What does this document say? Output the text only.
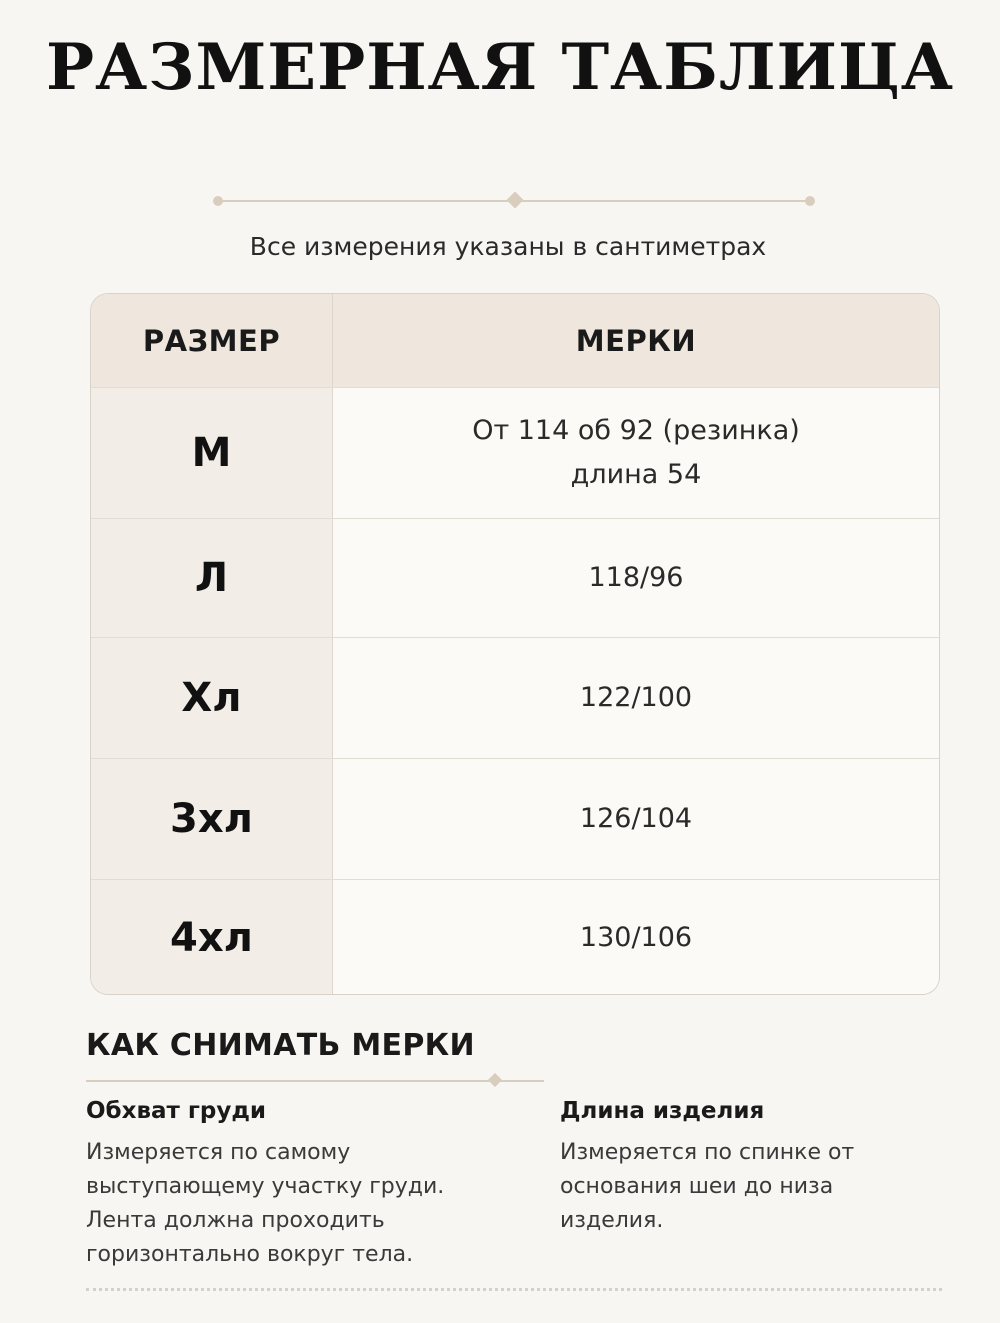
РАЗМЕРНАЯ ТАБЛИЦА
Все измерения указаны в сантиметрах
РАЗМЕР	МЕРКИ
М	От 114 об 92 (резинка)
длина 54
Л	118/96
Хл	122/100
3хл	126/104
4хл	130/106
КАК СНИМАТЬ МЕРКИ
Обхват груди

Измеряется по самому выступающему участку груди. Лента должна проходить горизонтально вокруг тела.

Длина изделия

Измеряется по спинке от основания шеи до низа изделия.
